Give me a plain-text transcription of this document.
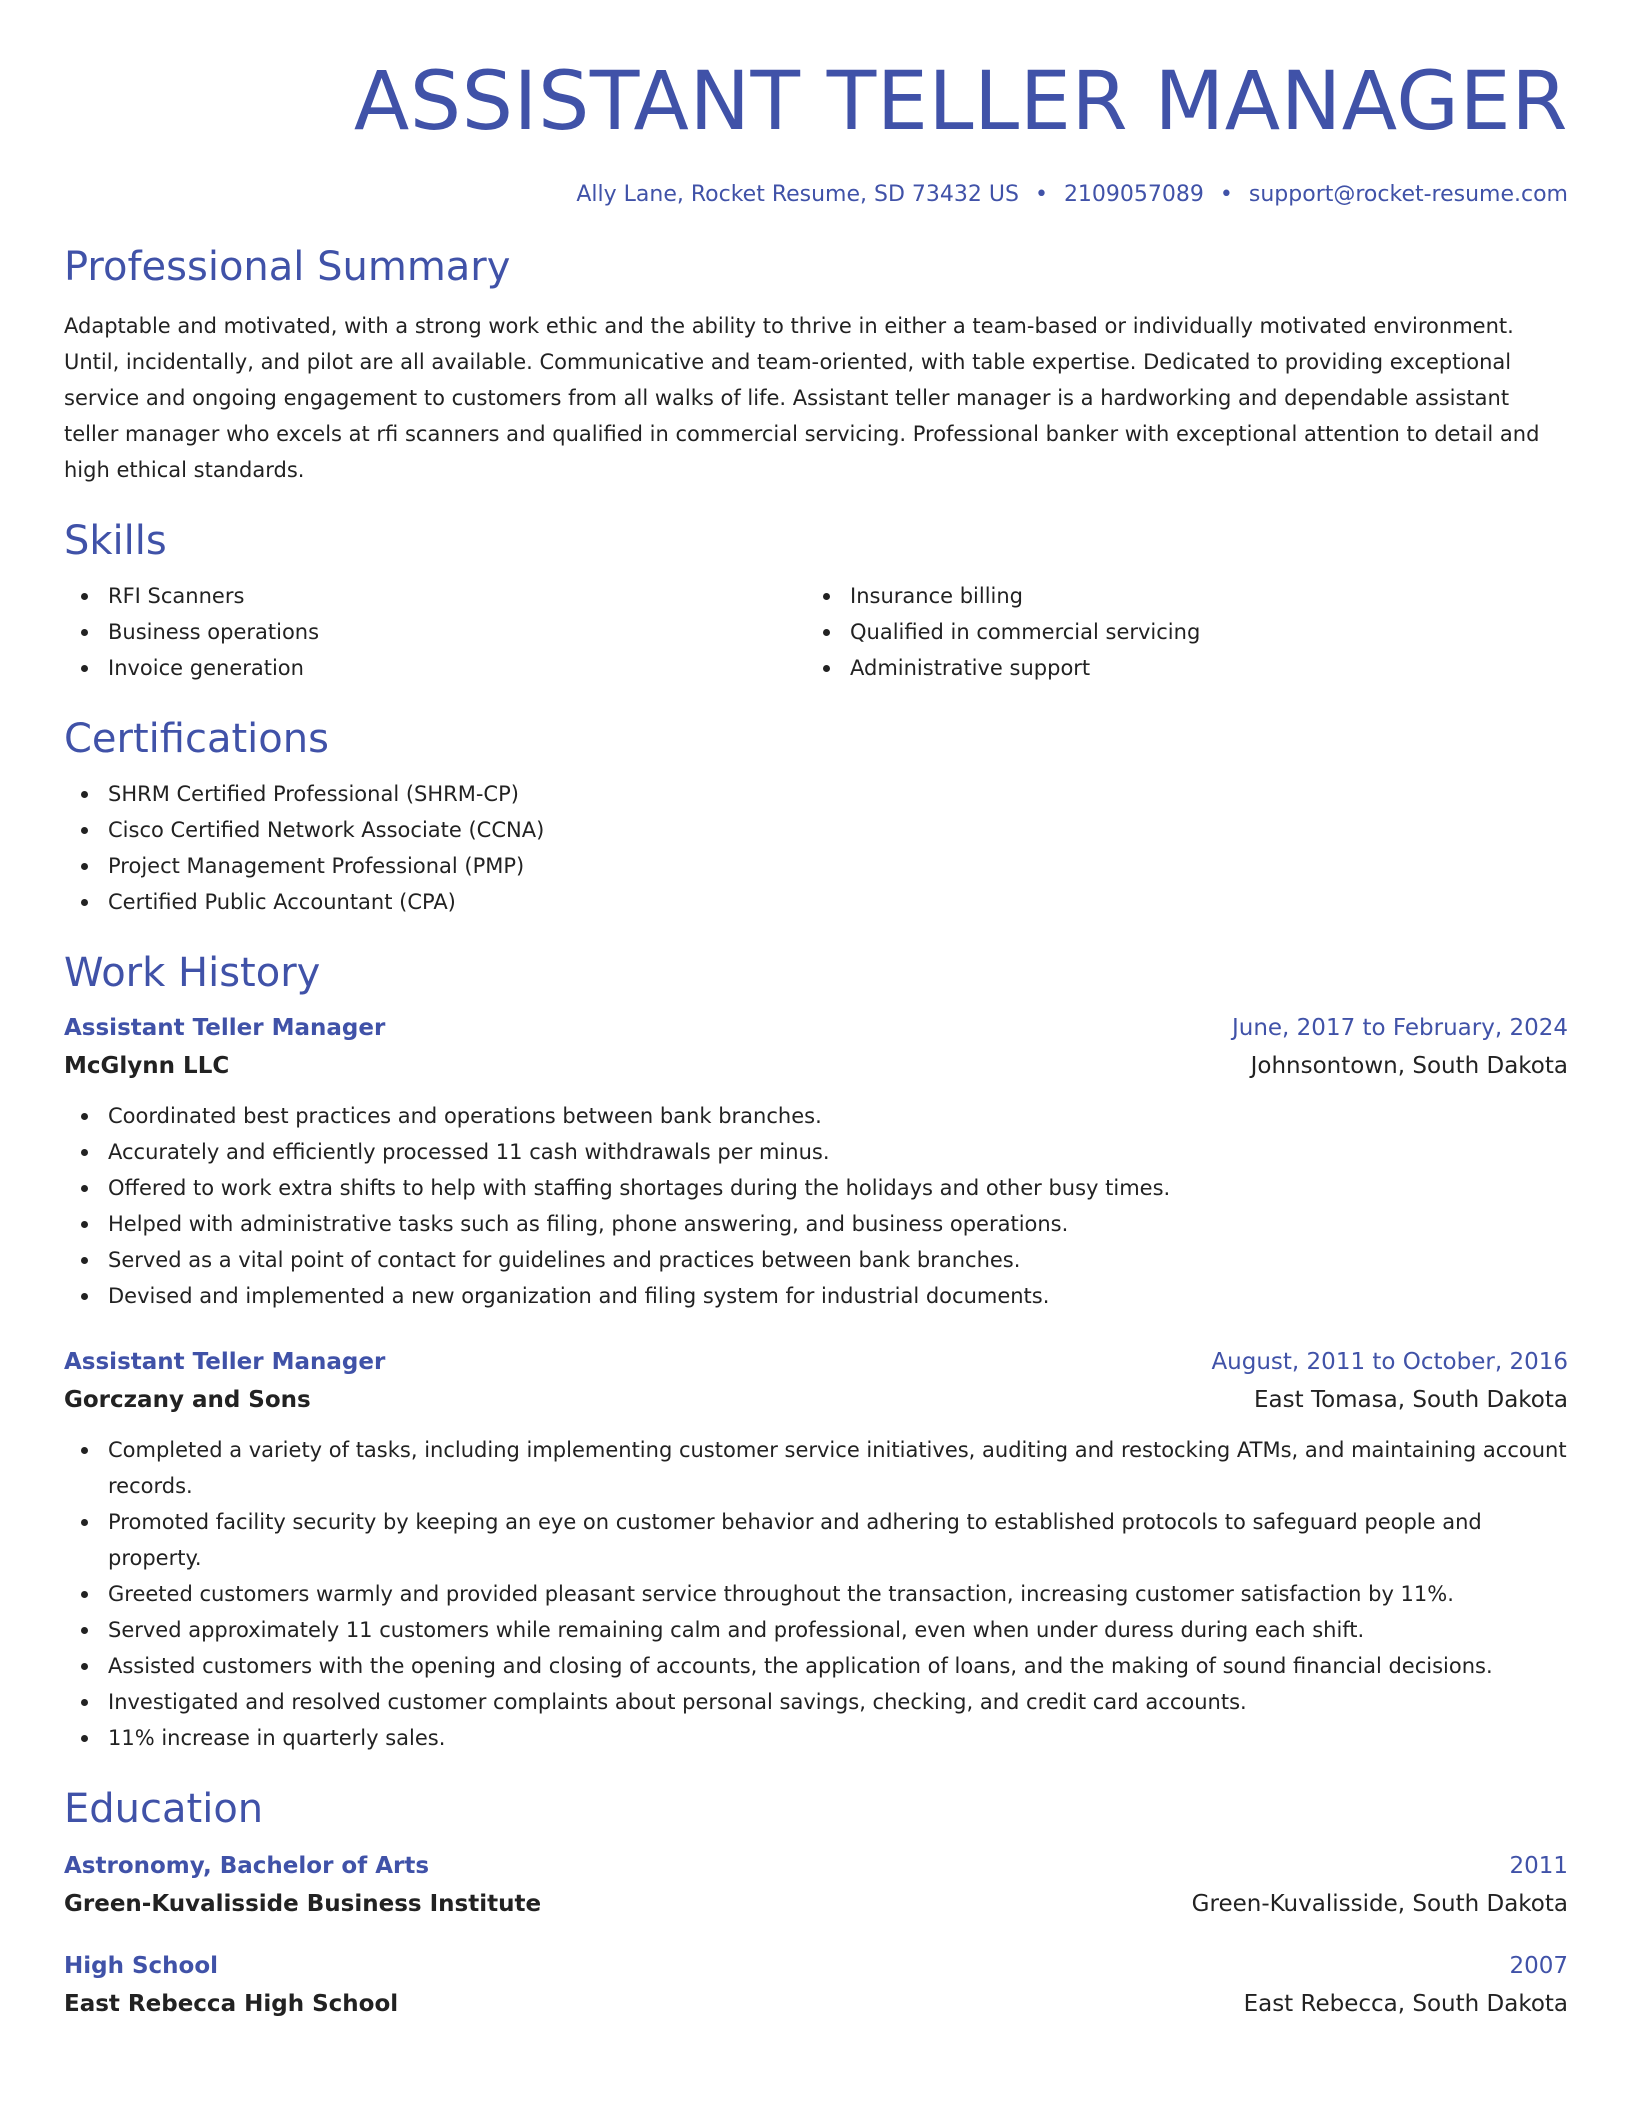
ASSISTANT TELLER MANAGER
Ally Lane, Rocket Resume, SD 73432 US • 2109057089 • support@rocket-resume.com
Professional Summary

Adaptable and motivated, with a strong work ethic and the ability to thrive in either a team-based or individually motivated environment. Until, incidentally, and pilot are all available. Communicative and team-oriented, with table expertise. Dedicated to providing exceptional service and ongoing engagement to customers from all walks of life. Assistant teller manager is a hardworking and dependable assistant teller manager who excels at rfi scanners and qualified in commercial servicing. Professional banker with exceptional attention to detail and high ethical standards.

Skills
RFI Scanners
Business operations
Invoice generation
Insurance billing
Qualified in commercial servicing
Administrative support
Certifications
SHRM Certified Professional (SHRM-CP)
Cisco Certified Network Associate (CCNA)
Project Management Professional (PMP)
Certified Public Accountant (CPA)
Work History
Assistant Teller Manager	June, 2017 to February, 2024
McGlynn LLC	Johnsontown, South Dakota
Coordinated best practices and operations between bank branches.
Accurately and efficiently processed 11 cash withdrawals per minus.
Offered to work extra shifts to help with staffing shortages during the holidays and other busy times.
Helped with administrative tasks such as filing, phone answering, and business operations.
Served as a vital point of contact for guidelines and practices between bank branches.
Devised and implemented a new organization and filing system for industrial documents.
Assistant Teller Manager	August, 2011 to October, 2016
Gorczany and Sons	East Tomasa, South Dakota
Completed a variety of tasks, including implementing customer service initiatives, auditing and restocking ATMs, and maintaining account records.
Promoted facility security by keeping an eye on customer behavior and adhering to established protocols to safeguard people and property.
Greeted customers warmly and provided pleasant service throughout the transaction, increasing customer satisfaction by 11%.
Served approximately 11 customers while remaining calm and professional, even when under duress during each shift.
Assisted customers with the opening and closing of accounts, the application of loans, and the making of sound financial decisions.
Investigated and resolved customer complaints about personal savings, checking, and credit card accounts.
11% increase in quarterly sales.
Education
Astronomy, Bachelor of Arts	2011
Green-Kuvalisside Business Institute	Green-Kuvalisside, South Dakota
High School	2007
East Rebecca High School	East Rebecca, South Dakota
